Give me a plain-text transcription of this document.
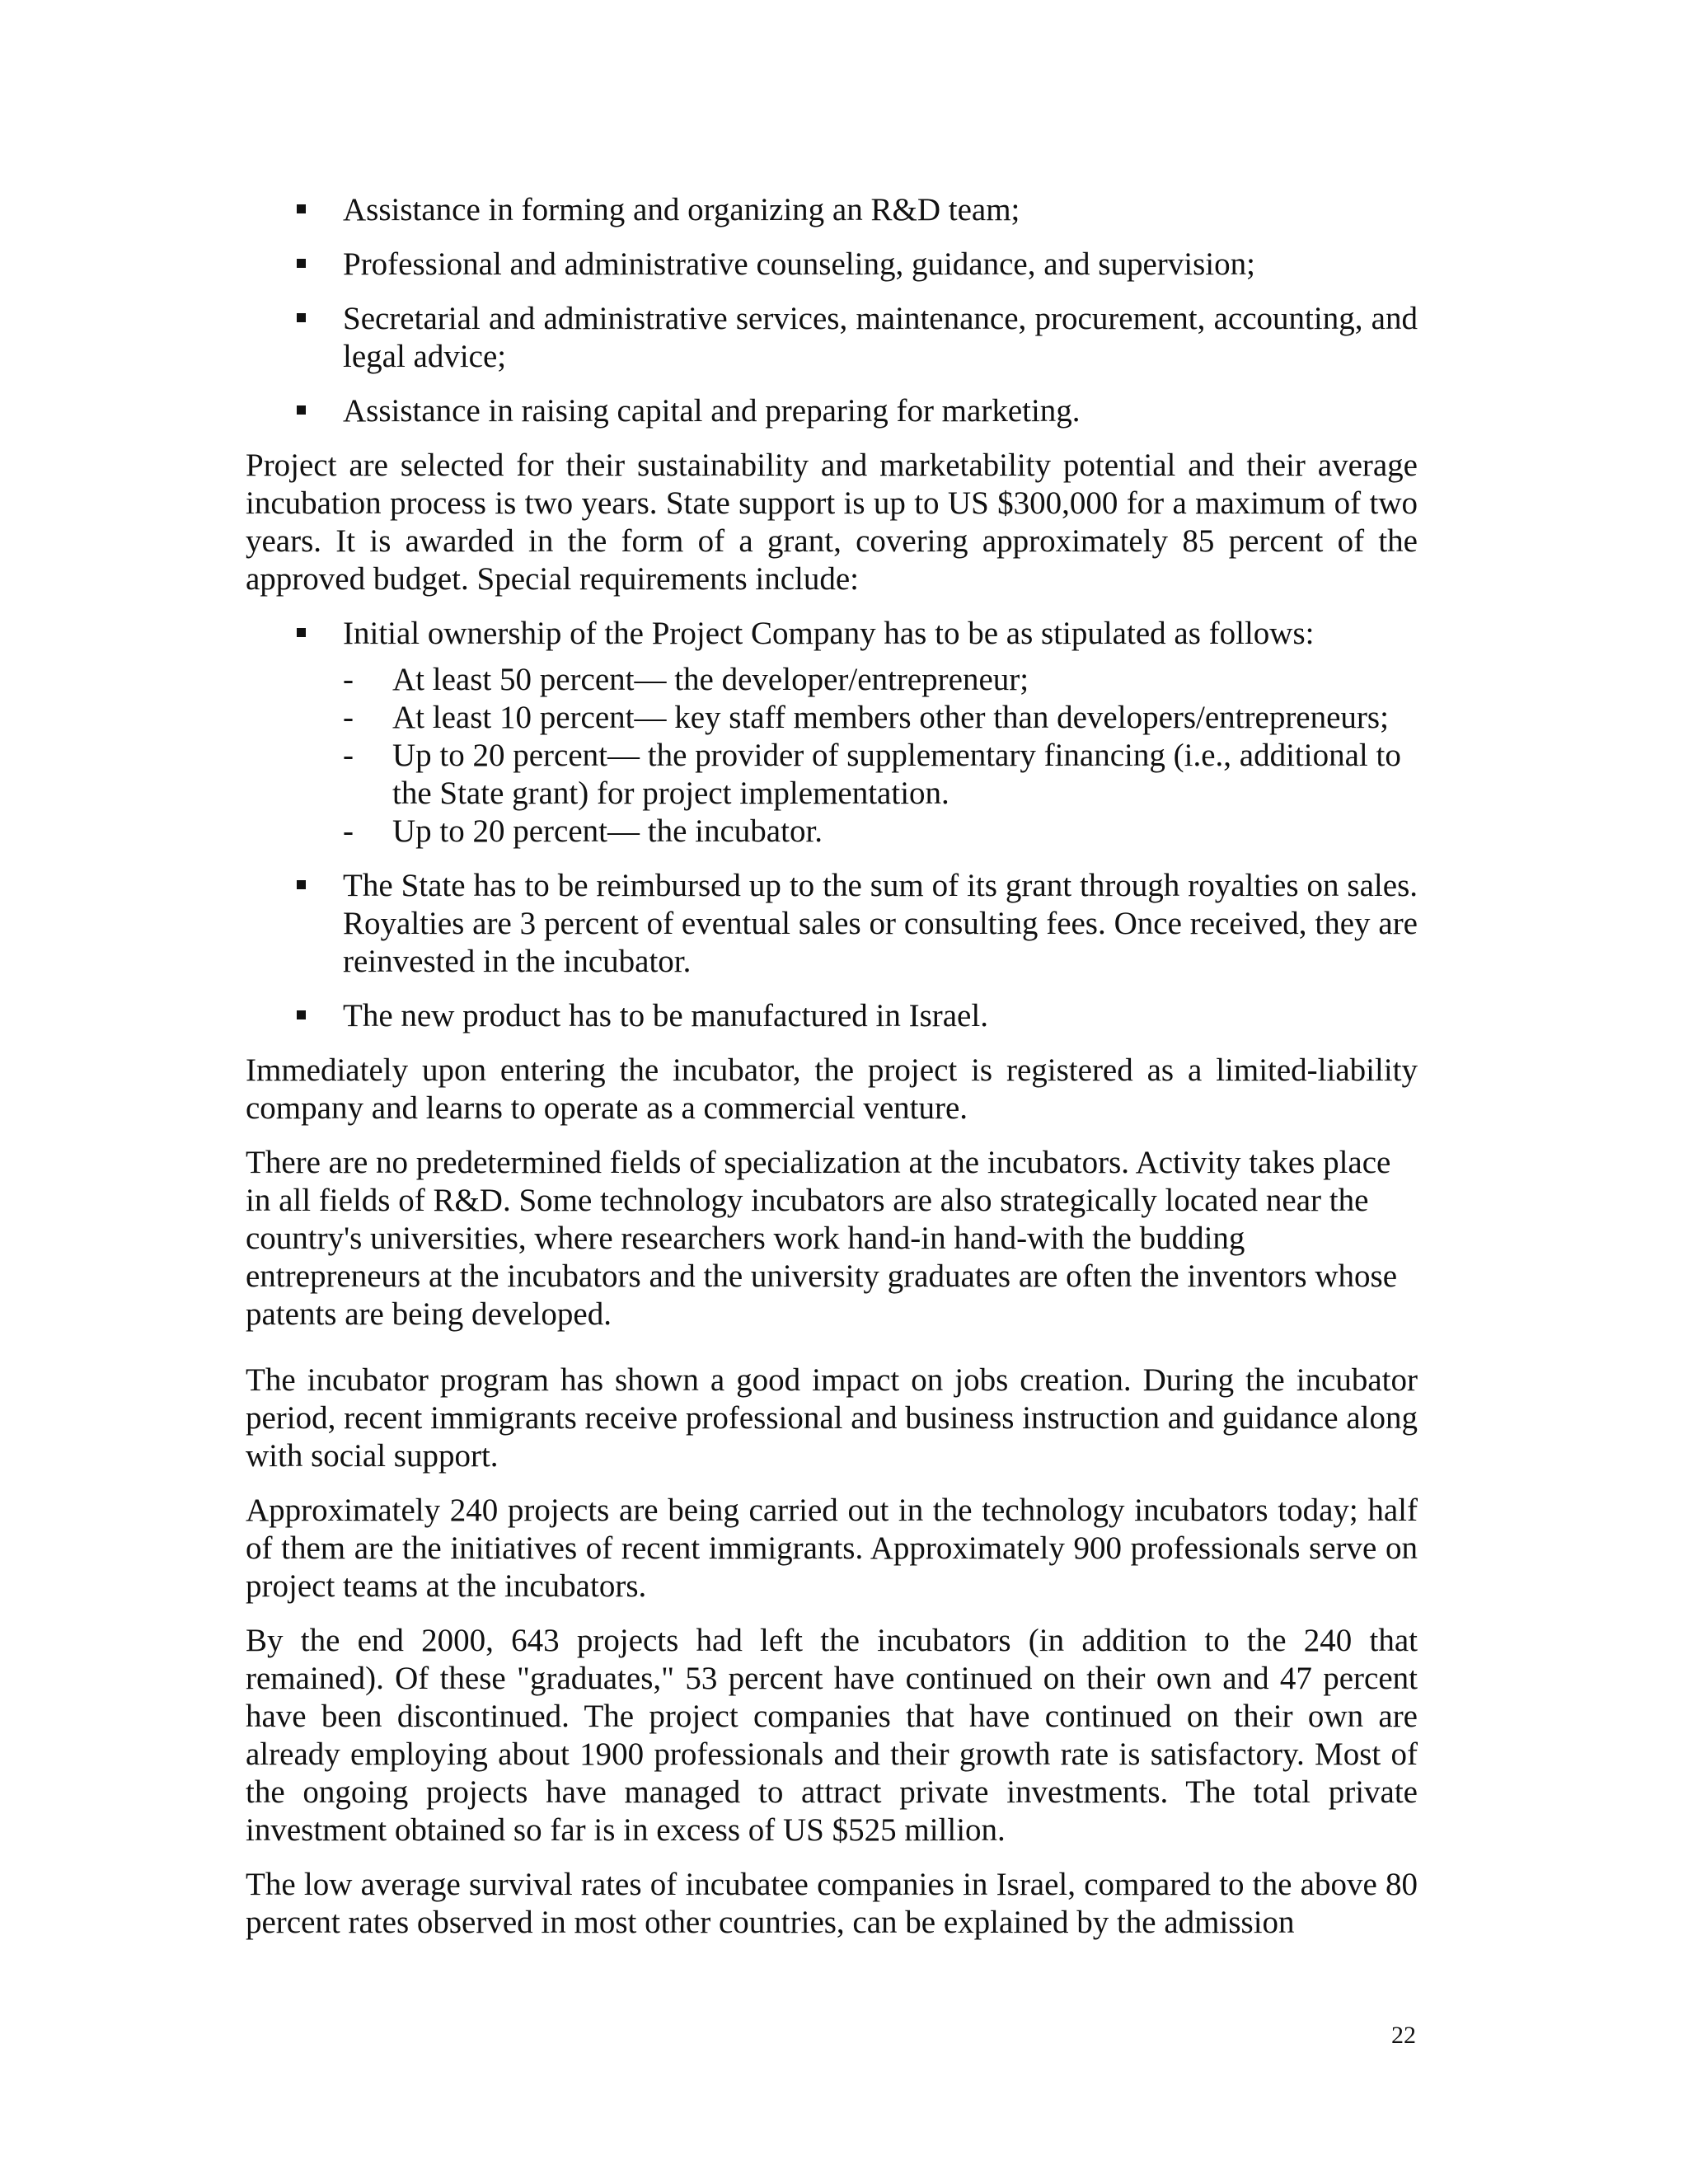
Assistance in forming and organizing an R&D team;
Professional and administrative counseling, guidance, and supervision;
Secretarial and administrative services, maintenance, procurement, accounting, and legal advice;
Assistance in raising capital and preparing for marketing.

Project are selected for their sustainability and marketability potential and their average incubation process is two years. State support is up to US $300,000 for a maximum of two years. It is awarded in the form of a grant, covering approximately 85 percent of the approved budget. Special requirements include:

Initial ownership of the Project Company has to be as stipulated as follows:
- At least 50 percent— the developer/entrepreneur;
- At least 10 percent— key staff members other than developers/entrepreneurs;
- Up to 20 percent— the provider of supplementary financing (i.e., additional to the State grant) for project implementation.
- Up to 20 percent— the incubator.
The State has to be reimbursed up to the sum of its grant through royalties on sales. Royalties are 3 percent of eventual sales or consulting fees. Once received, they are reinvested in the incubator.
The new product has to be manufactured in Israel.

Immediately upon entering the incubator, the project is registered as a limited-liability company and learns to operate as a commercial venture.

There are no predetermined fields of specialization at the incubators. Activity takes place in all fields of R&D. Some technology incubators are also strategically located near the country's universities, where researchers work hand-in hand-with the budding entrepreneurs at the incubators and the university graduates are often the inventors whose patents are being developed.

The incubator program has shown a good impact on jobs creation. During the incubator period, recent immigrants receive professional and business instruction and guidance along with social support.

Approximately 240 projects are being carried out in the technology incubators today; half of them are the initiatives of recent immigrants. Approximately 900 professionals serve on project teams at the incubators.

By the end 2000, 643 projects had left the incubators (in addition to the 240 that remained). Of these "graduates," 53 percent have continued on their own and 47 percent have been discontinued. The project companies that have continued on their own are already employing about 1900 professionals and their growth rate is satisfactory. Most of the ongoing projects have managed to attract private investments. The total private investment obtained so far is in excess of US $525 million.

The low average survival rates of incubatee companies in Israel, compared to the above 80 percent rates observed in most other countries, can be explained by the admission

22
